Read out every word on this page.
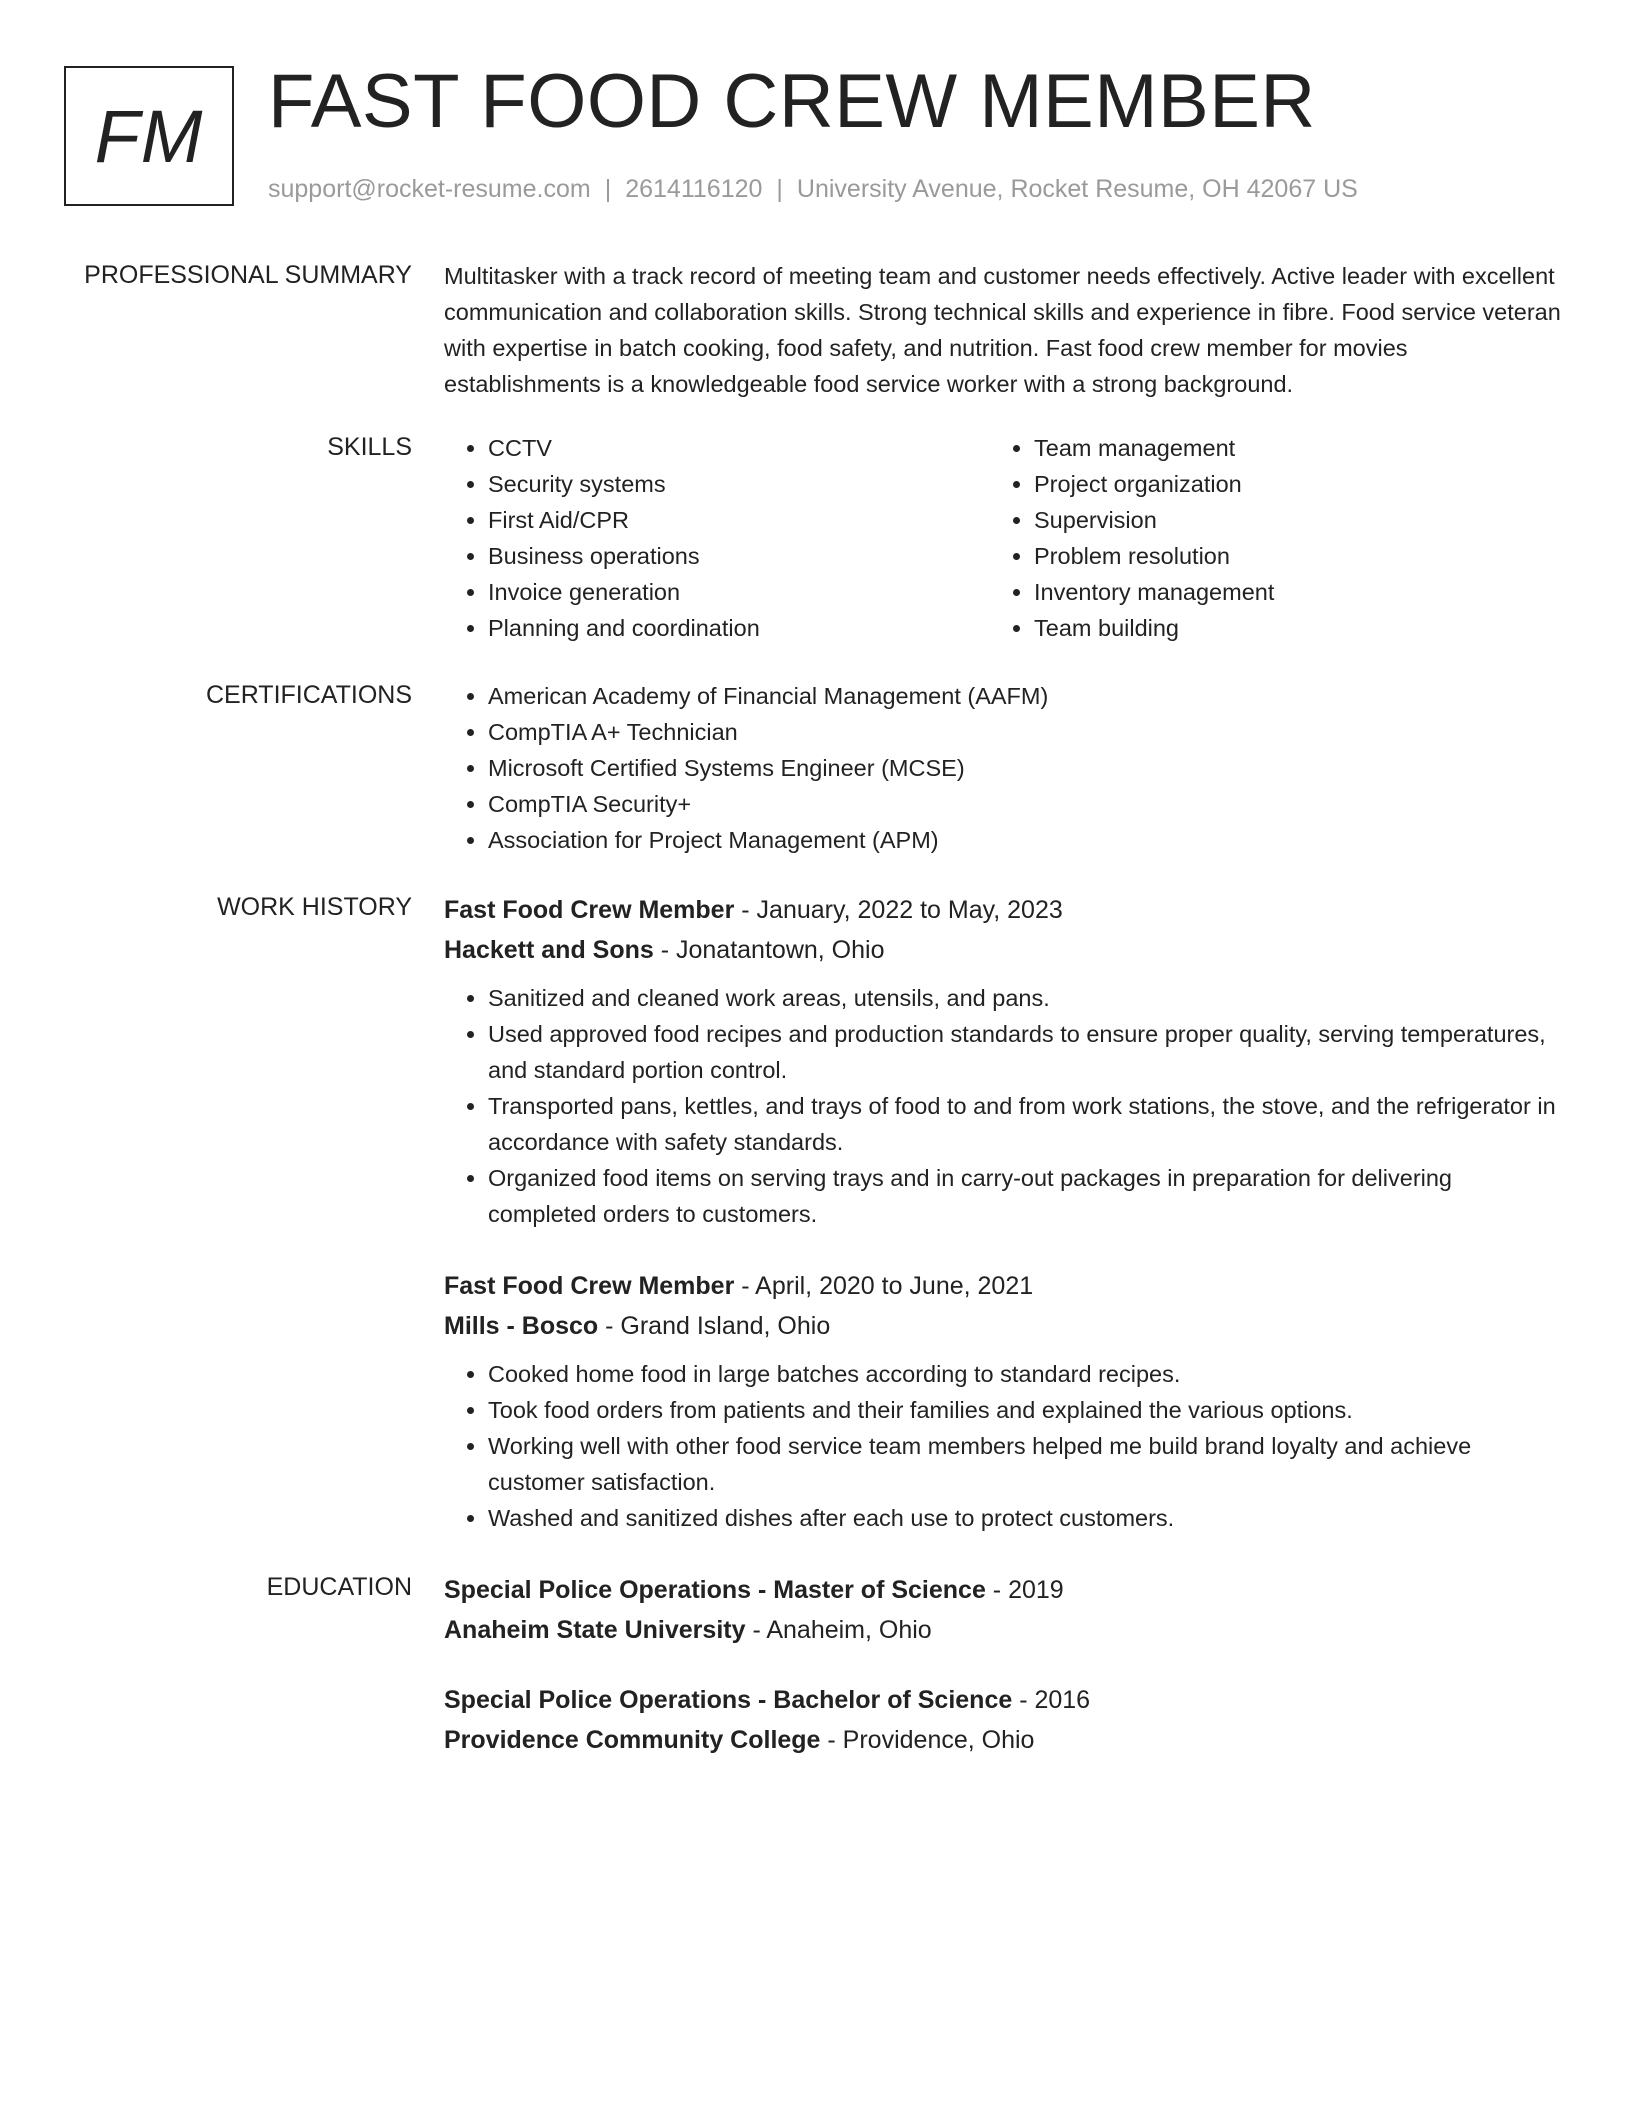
FM FAST FOOD CREW MEMBER
support@rocket-resume.com | 2614116120 | University Avenue, Rocket Resume, OH 42067 US
PROFESSIONAL SUMMARY Multitasker with a track record of meeting team and customer needs effectively. Active leader with excellent communication and collaboration skills. Strong technical skills and experience in fibre. Food service veteran with expertise in batch cooking, food safety, and nutrition. Fast food crew member for movies establishments is a knowledgeable food service worker with a strong background.
SKILLS	• CCTV
• Security systems
• First Aid/CPR
• Business operations
• Invoice generation
• Planning and coordination
• Team management
• Project organization
• Supervision
• Problem resolution
• Inventory management
• Team building
CERTIFICATIONS	• American Academy of Financial Management (AAFM)
• CompTIA A+ Technician
• Microsoft Certified Systems Engineer (MCSE)
• CompTIA Security+
• Association for Project Management (APM)
WORK HISTORY Fast Food Crew Member - January, 2022 to May, 2023
Hackett and Sons - Jonatantown, Ohio
• Sanitized and cleaned work areas, utensils, and pans.
• Used approved food recipes and production standards to ensure proper quality, serving temperatures, and standard portion control.
• Transported pans, kettles, and trays of food to and from work stations, the stove, and the refrigerator in accordance with safety standards.
• Organized food items on serving trays and in carry-out packages in preparation for delivering completed orders to customers.
Fast Food Crew Member - April, 2020 to June, 2021
Mills - Bosco - Grand Island, Ohio
• Cooked home food in large batches according to standard recipes.
• Took food orders from patients and their families and explained the various options.
• Working well with other food service team members helped me build brand loyalty and achieve customer satisfaction.
• Washed and sanitized dishes after each use to protect customers.
EDUCATION Special Police Operations - Master of Science - 2019
Anaheim State University - Anaheim, Ohio
Special Police Operations - Bachelor of Science - 2016
Providence Community College - Providence, Ohio
